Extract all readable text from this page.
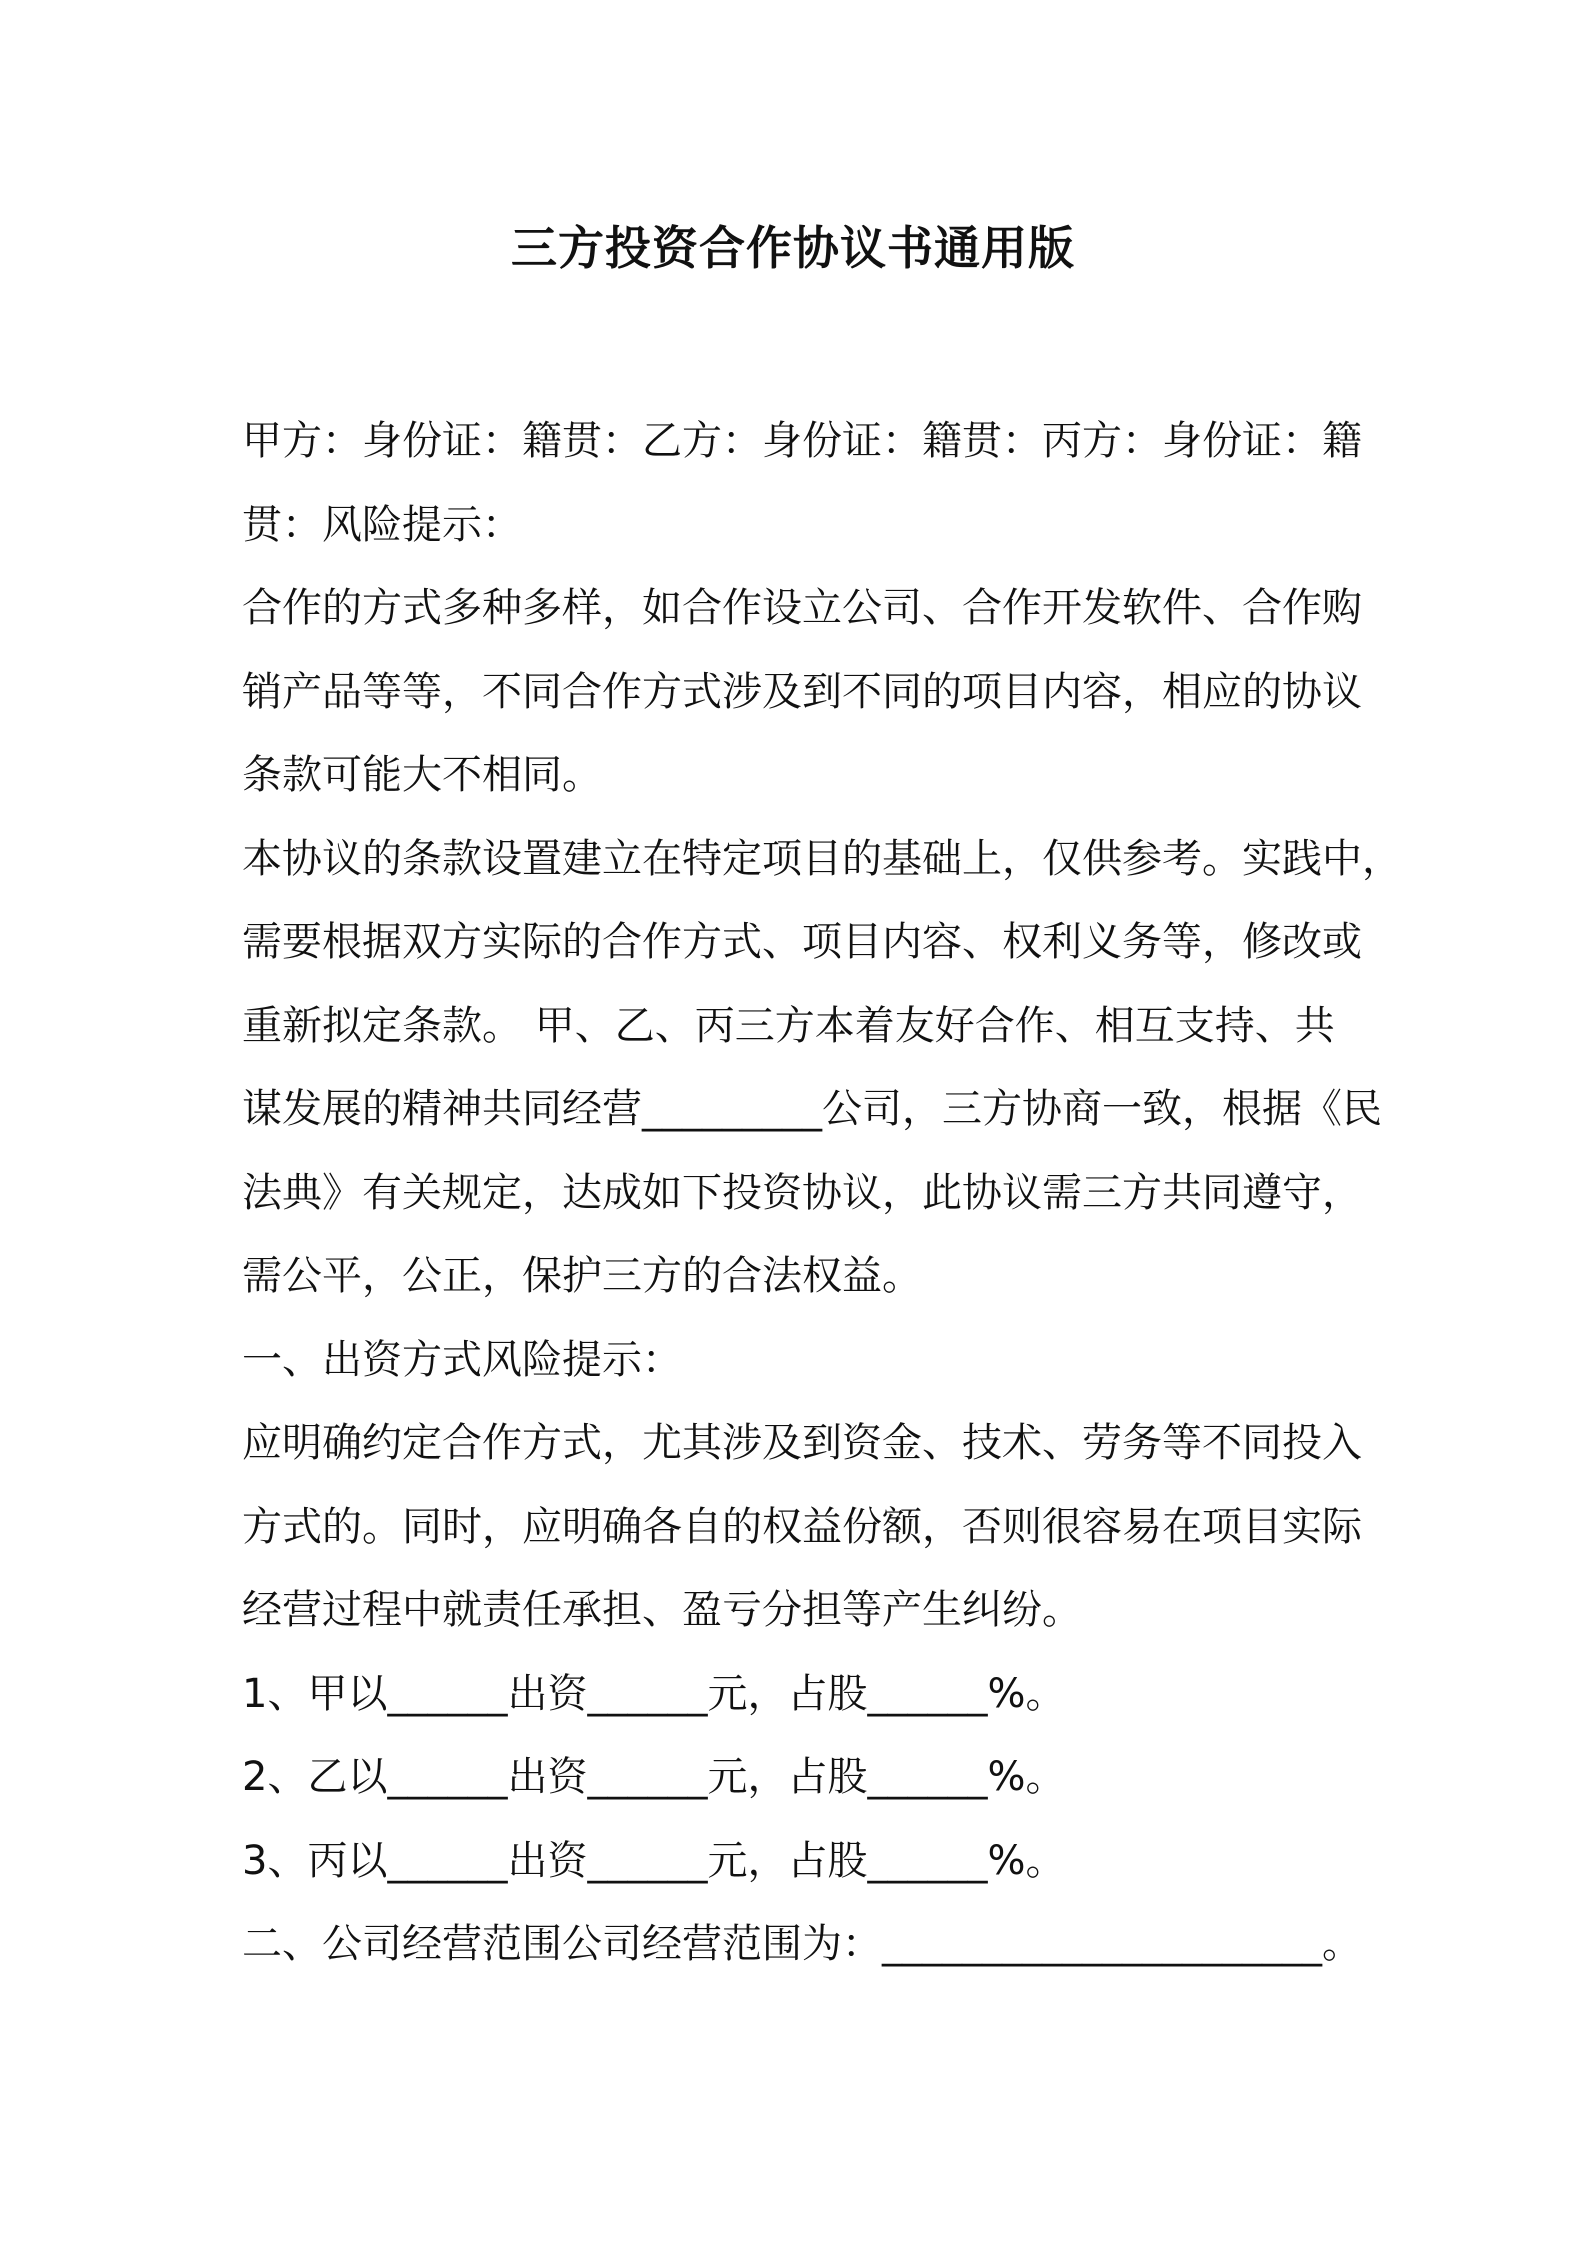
三方投资合作协议书通用版
甲方：身份证：籍贯：乙方：身份证：籍贯：丙方：身份证：籍
贯：风险提示：
合作的方式多种多样，如合作设立公司、合作开发软件、合作购
销产品等等，不同合作方式涉及到不同的项目内容，相应的协议
条款可能大不相同。
本协议的条款设置建立在特定项目的基础上，仅供参考。实践中，
需要根据双方实际的合作方式、项目内容、权利义务等，修改或
重新拟定条款。 甲、乙、丙三方本着友好合作、相互支持、共
谋发展的精神共同经营_________公司，三方协商一致，根据《民
法典》有关规定，达成如下投资协议，此协议需三方共同遵守，
需公平，公正，保护三方的合法权益。
一、出资方式风险提示：
应明确约定合作方式，尤其涉及到资金、技术、劳务等不同投入
方式的。同时，应明确各自的权益份额，否则很容易在项目实际
经营过程中就责任承担、盈亏分担等产生纠纷。
1、甲以______出资______元，占股______%。
2、乙以______出资______元，占股______%。
3、丙以______出资______元，占股______%。
二、公司经营范围公司经营范围为：______________________。
